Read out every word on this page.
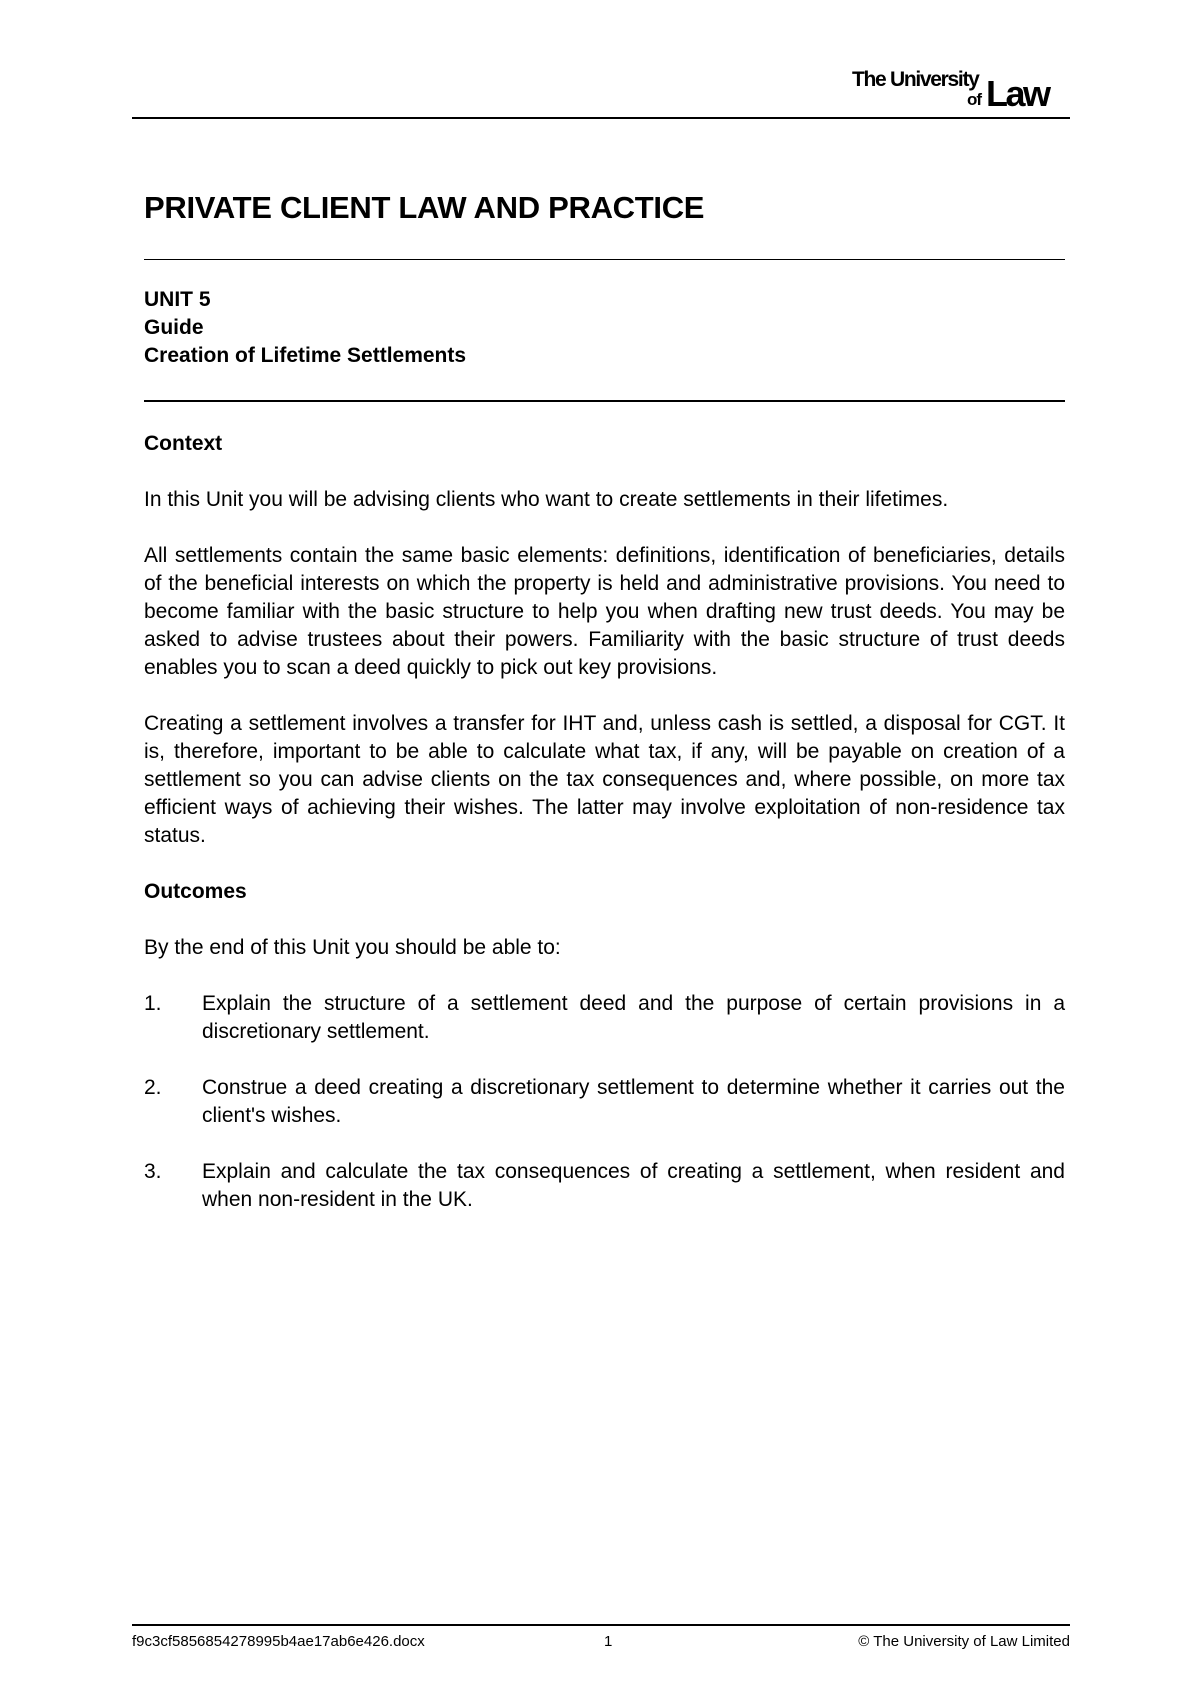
The University
of Law
PRIVATE CLIENT LAW AND PRACTICE
UNIT 5
Guide
Creation of Lifetime Settlements

Context

In this Unit you will be advising clients who want to create settlements in their lifetimes.

All settlements contain the same basic elements: definitions, identification of beneficiaries, details of the beneficial interests on which the property is held and administrative provisions. You need to become familiar with the basic structure to help you when drafting new trust deeds. You may be asked to advise trustees about their powers. Familiarity with the basic structure of trust deeds enables you to scan a deed quickly to pick out key provisions.

Creating a settlement involves a transfer for IHT and, unless cash is settled, a disposal for CGT. It is, therefore, important to be able to calculate what tax, if any, will be payable on creation of a settlement so you can advise clients on the tax consequences and, where possible, on more tax efficient ways of achieving their wishes. The latter may involve exploitation of non-residence tax status.

Outcomes

By the end of this Unit you should be able to:

1.	Explain the structure of a settlement deed and the purpose of certain provisions in a discretionary settlement.
2.	Construe a deed creating a discretionary settlement to determine whether it carries out the client's wishes.
3.	Explain and calculate the tax consequences of creating a settlement, when resident and when non-resident in the UK.
f9c3cf5856854278995b4ae17ab6e426.docx	1	© The University of Law Limited
